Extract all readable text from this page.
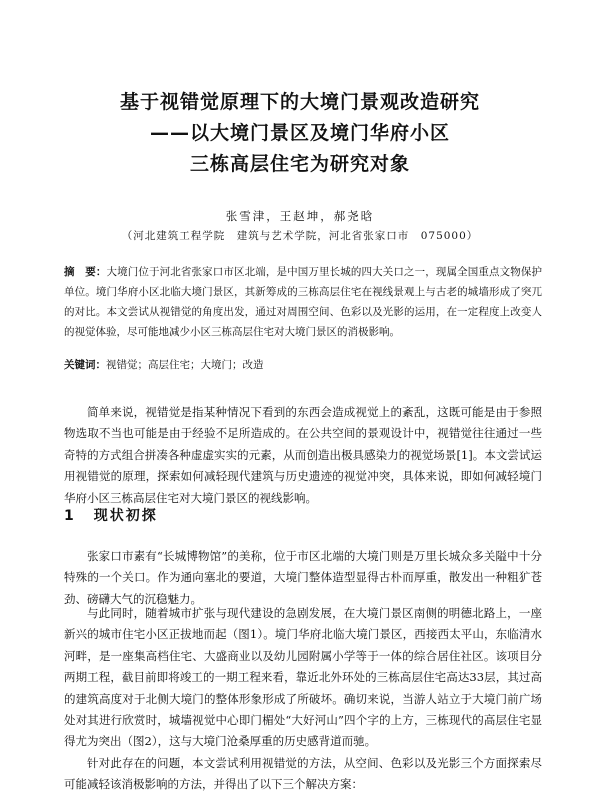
基于视错觉原理下的大境门景观改造研究
——以大境门景区及境门华府小区
三栋高层住宅为研究对象
张雪津，王赵坤，郝尧晗
（河北建筑工程学院　建筑与艺术学院，河北省张家口市　075000）
摘　要：大境门位于河北省张家口市区北端，是中国万里长城的四大关口之一，现属全国重点文物保护单位。境门华府小区北临大境门景区，其新筹成的三栋高层住宅在视线景观上与古老的城墙形成了突兀的对比。本文尝试从视错觉的角度出发，通过对周围空间、色彩以及光影的运用，在一定程度上改变人的视觉体验，尽可能地减少小区三栋高层住宅对大境门景区的消极影响。
关键词：视错觉；高层住宅；大境门；改造

简单来说，视错觉是指某种情况下看到的东西会造成视觉上的紊乱，这既可能是由于参照物选取不当也可能是由于经验不足所造成的。在公共空间的景观设计中，视错觉往往通过一些奇特的方式组合拼凑各种虚虚实实的元素，从而创造出极具感染力的视觉场景[1]。本文尝试运用视错觉的原理，探索如何减轻现代建筑与历史遗迹的视觉冲突，具体来说，即如何减轻境门华府小区三栋高层住宅对大境门景区的视线影响。

1 现状初探

张家口市素有“长城博物馆”的美称，位于市区北端的大境门则是万里长城众多关隘中十分特殊的一个关口。作为通向塞北的要道，大境门整体造型显得古朴而厚重，散发出一种粗犷苍劲、磅礴大气的沉稳魅力。

与此同时，随着城市扩张与现代建设的急剧发展，在大境门景区南侧的明德北路上，一座新兴的城市住宅小区正拔地而起（图1）。境门华府北临大境门景区，西接西太平山，东临清水河畔，是一座集高档住宅、大盛商业以及幼儿园附属小学等于一体的综合居住社区。该项目分两期工程，截目前即将竣工的一期工程来看，靠近北外环处的三栋高层住宅高达33层，其过高的建筑高度对于北侧大境门的整体形象形成了所破坏。确切来说，当游人站立于大境门前广场处对其进行欣赏时，城墙视觉中心即门楣处“大好河山”四个字的上方，三栋现代的高层住宅显得尤为突出（图2），这与大境门沧桑厚重的历史感背道而驰。

针对此存在的问题，本文尝试利用视错觉的方法，从空间、色彩以及光影三个方面探索尽可能减轻该消极影响的方法，并得出了以下三个解决方案：
